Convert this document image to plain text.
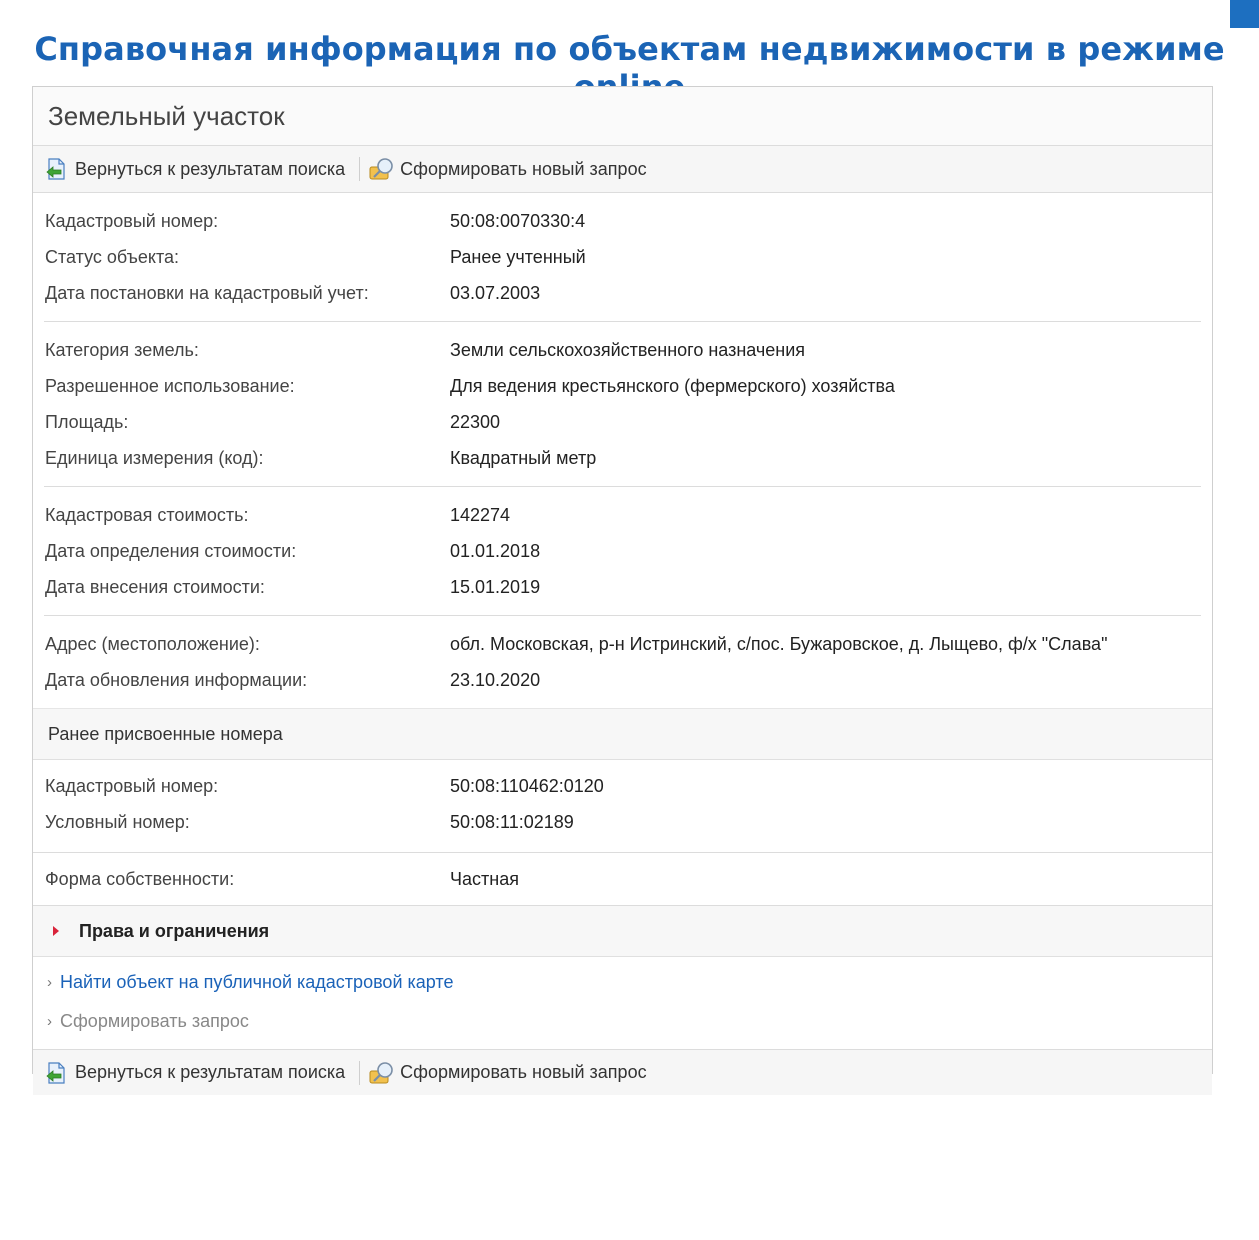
Справочная информация по объектам недвижимости в режиме
Земельный участок
Вернуться к результатам поиска	Сформировать новый запрос
Кадастровый номер:	50:08:0070330:4
Статус объекта:	Ранее учтенный
Дата постановки на кадастровый учет:	03.07.2003
Категория земель:	Земли сельскохозяйственного назначения
Разрешенное использование:	Для ведения крестьянского (фермерского) хозяйства
Площадь:	22300
Единица измерения (код):	Квадратный метр
Кадастровая стоимость:	142274
Дата определения стоимости:	01.01.2018
Дата внесения стоимости:	15.01.2019
Адрес (местоположение):	обл. Московская, р-н Истринский, с/пос. Бужаровское, д. Лыщево, ф/х "Слава"
Дата обновления информации:	23.10.2020
Ранее присвоенные номера
Кадастровый номер:	50:08:110462:0120
Условный номер:	50:08:11:02189
Форма собственности:	Частная
Права и ограничения
› Найти объект на публичной кадастровой карте
› Сформировать запрос
Вернуться к результатам поиска	Сформировать новый запрос
